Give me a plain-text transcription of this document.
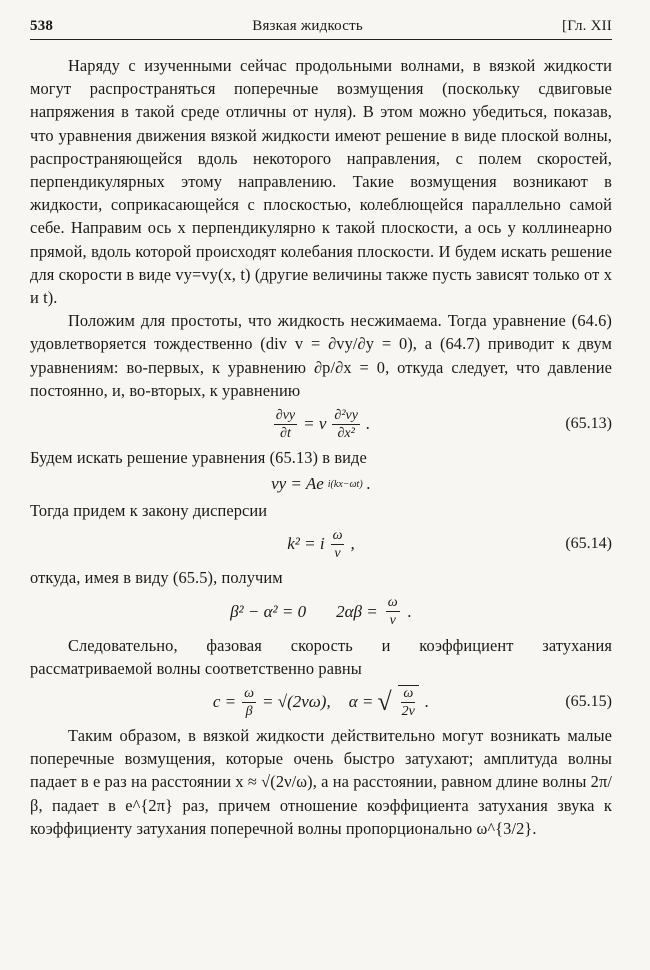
538	Вязкая жидкость	[Гл. XII

Наряду с изученными сейчас продольными волнами, в вязкой жидкости могут распространяться поперечные возмущения (поскольку сдвиговые напряжения в такой среде отличны от нуля). В этом можно убедиться, показав, что уравнения движения вязкой жидкости имеют решение в виде плоской волны, распространяющейся вдоль некоторого направления, с полем скоростей, перпендикулярных этому направлению. Такие возмущения возникают в жидкости, соприкасающейся с плоскостью, колеблющейся параллельно самой себе. Направим ось x перпендикулярно к такой плоскости, а ось y коллинеарно прямой, вдоль которой происходят колебания плоскости. И будем искать решение для скорости в виде vy=vy(x, t) (другие величины также пусть зависят только от x и t).

Положим для простоты, что жидкость несжимаема. Тогда уравнение (64.6) удовлетворяется тождественно (div v = ∂vy/∂y = 0), а (64.7) приводит к двум уравнениям: во-первых, к уравнению ∂p/∂x = 0, откуда следует, что давление постоянно, и, во-вторых, к уравнению

$\frac{\partial vy}{\partial t} = \nu \frac{\text{∂²vy}}{\text{∂x²}}$ .	(65.13)

Будем искать решение уравнения (65.13) в виде

vy = Ae i(kx−ωt) .

Тогда придем к закону дисперсии

k² = i $\frac{\omega}{\nu}$ ,	(65.14)

откуда, имея в виду (65.5), получим

β² − α² = 0 $2\alpha\beta = \frac{\omega}{\nu}$ .

Следовательно, фазовая скорость и коэффициент затухания рассматриваемой волны соответственно равны

$c = \frac{\omega}{\beta} = √(2\nu\omega)$, α = √ $\frac{\omega}{2\nu}$ .	(65.15)

Таким образом, в вязкой жидкости действительно могут возникать малые поперечные возмущения, которые очень быстро затухают; амплитуда волны падает в e раз на расстоянии x ≈ √(2ν/ω), а на расстоянии, равном длине волны 2π/β, падает в e^{2π} раз, причем отношение коэффициента затухания звука к коэффициенту затухания поперечной волны пропорционально ω^{3/2}.
